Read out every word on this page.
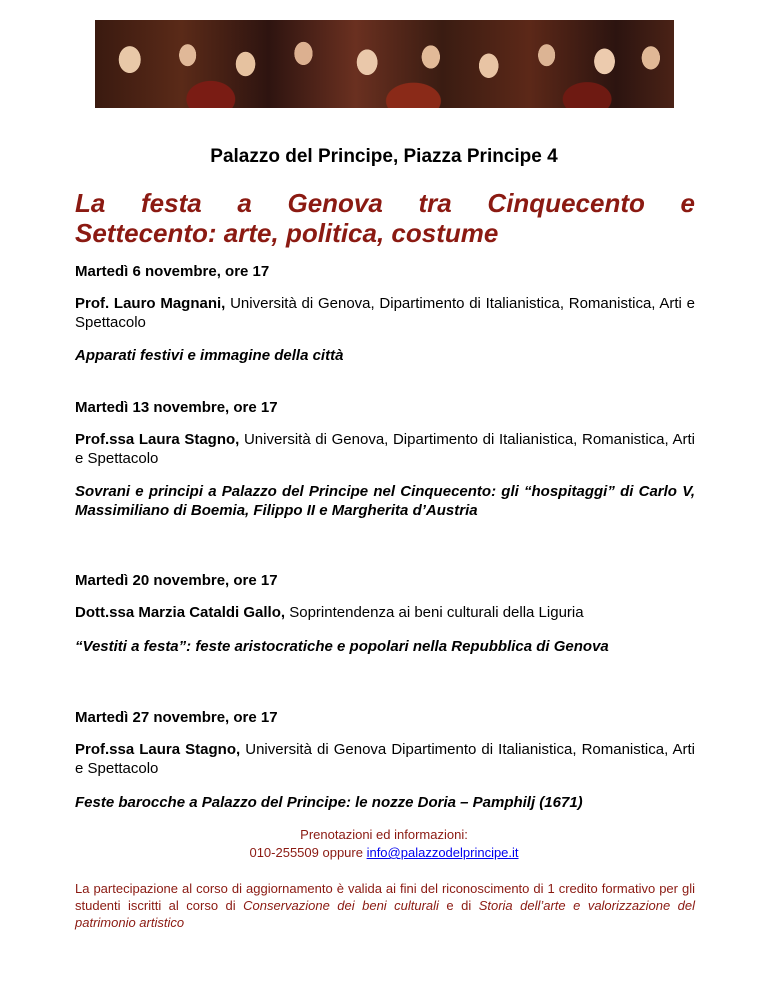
Palazzo del Principe, Piazza Principe 4
La festa a Genova tra Cinquecento e
Settecento: arte, politica, costume
Martedì 6 novembre, ore 17
Prof. Lauro Magnani, Università di Genova, Dipartimento di Italianistica, Romanistica, Arti e Spettacolo
Apparati festivi e immagine della città
Martedì 13 novembre, ore 17
Prof.ssa Laura Stagno, Università di Genova, Dipartimento di Italianistica, Romanistica, Arti e Spettacolo
Sovrani e principi a Palazzo del Principe nel Cinquecento: gli “hospitaggi” di Carlo V, Massimiliano di Boemia, Filippo II e Margherita d’Austria
Martedì 20 novembre, ore 17
Dott.ssa Marzia Cataldi Gallo, Soprintendenza ai beni culturali della Liguria
“Vestiti a festa”: feste aristocratiche e popolari nella Repubblica di Genova
Martedì 27 novembre, ore 17
Prof.ssa Laura Stagno, Università di Genova Dipartimento di Italianistica, Romanistica, Arti e Spettacolo
Feste barocche a Palazzo del Principe: le nozze Doria – Pamphilj (1671)
Prenotazioni ed informazioni:
010-255509 oppure info@palazzodelprincipe.it
La partecipazione al corso di aggiornamento è valida ai fini del riconoscimento di 1 credito formativo per gli studenti iscritti al corso di Conservazione dei beni culturali e di Storia dell’arte e valorizzazione del patrimonio artistico
